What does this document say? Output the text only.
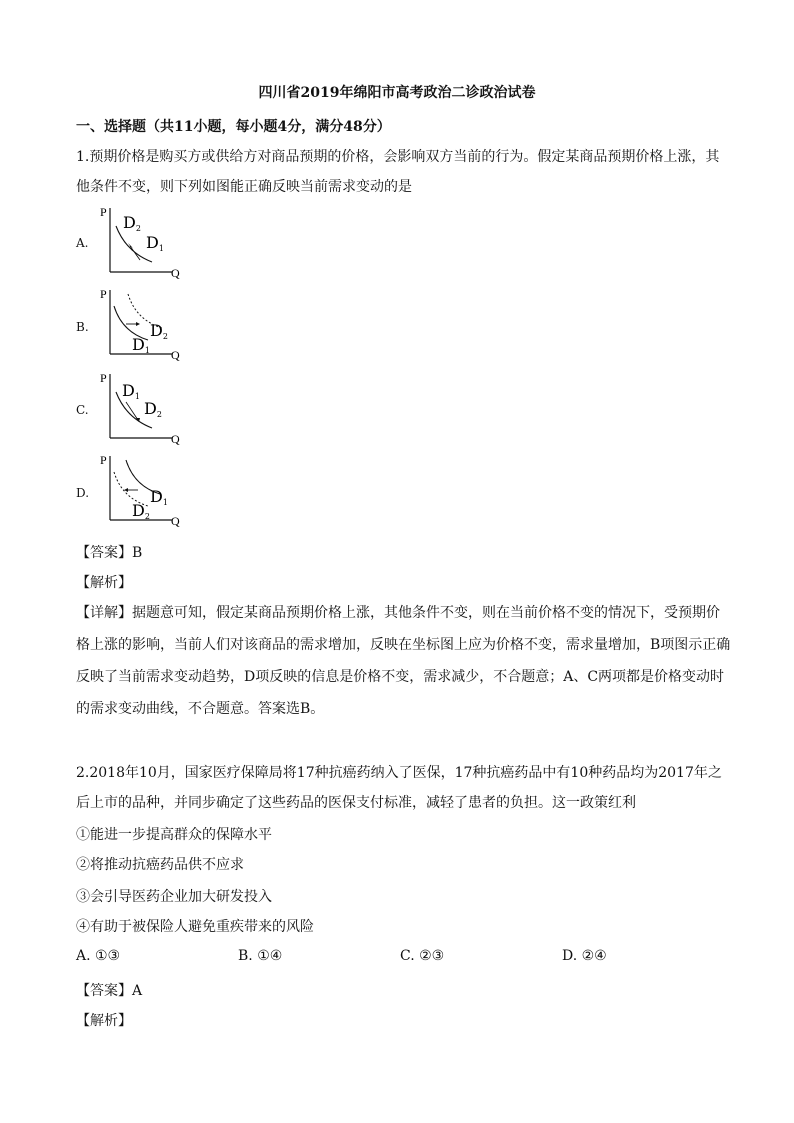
四川省2019年绵阳市高考政治二诊政治试卷
一、选择题（共11小题，每小题4分，满分48分）
1.预期价格是购买方或供给方对商品预期的价格，会影响双方当前的行为。假定某商品预期价格上涨，其
他条件不变，则下列如图能正确反映当前需求变动的是
A.
P
Q
D2
D1
B.
P
Q
D2
D1
C.
P
Q
D1
D2
D.
P
Q
D1
D2
【答案】B
【解析】
【详解】据题意可知，假定某商品预期价格上涨，其他条件不变，则在当前价格不变的情况下，受预期价
格上涨的影响，当前人们对该商品的需求增加，反映在坐标图上应为价格不变，需求量增加，B项图示正确
反映了当前需求变动趋势，D项反映的信息是价格不变，需求减少，不合题意；A、C两项都是价格变动时
的需求变动曲线，不合题意。答案选B。
2.2018年10月，国家医疗保障局将17种抗癌药纳入了医保，17种抗癌药品中有10种药品均为2017年之
后上市的品种，并同步确定了这些药品的医保支付标准，减轻了患者的负担。这一政策红利
①能进一步提高群众的保障水平
②将推动抗癌药品供不应求
③会引导医药企业加大研发投入
④有助于被保险人避免重疾带来的风险
A. ①③	B. ①④	C. ②③	D. ②④
【答案】A
【解析】
